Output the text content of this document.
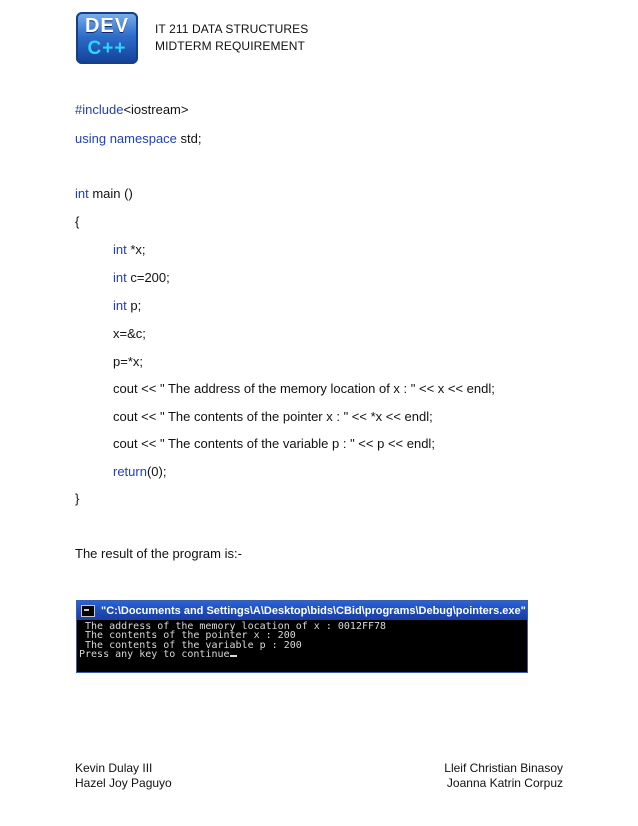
DEV
C++
IT 211 DATA STRUCTURES
MIDTERM REQUIREMENT
#include<iostream>
using namespace std;
int main ()
{
int *x;
int c=200;
int p;
x=&c;
p=*x;
cout << " The address of the memory location of x : " << x << endl;
cout << " The contents of the pointer x : " << *x << endl;
cout << " The contents of the variable p : " << p << endl;
return(0);
}
The result of the program is:-
"C:\Documents and Settings\A\Desktop\bids\CBid\programs\Debug\pointers.exe"
The address of the memory location of x : 0012FF78
The contents of the pointer x : 200
The contents of the variable p : 200
Press any key to continue
Kevin Dulay III
Hazel Joy Paguyo
Lleif Christian Binasoy
Joanna Katrin Corpuz
